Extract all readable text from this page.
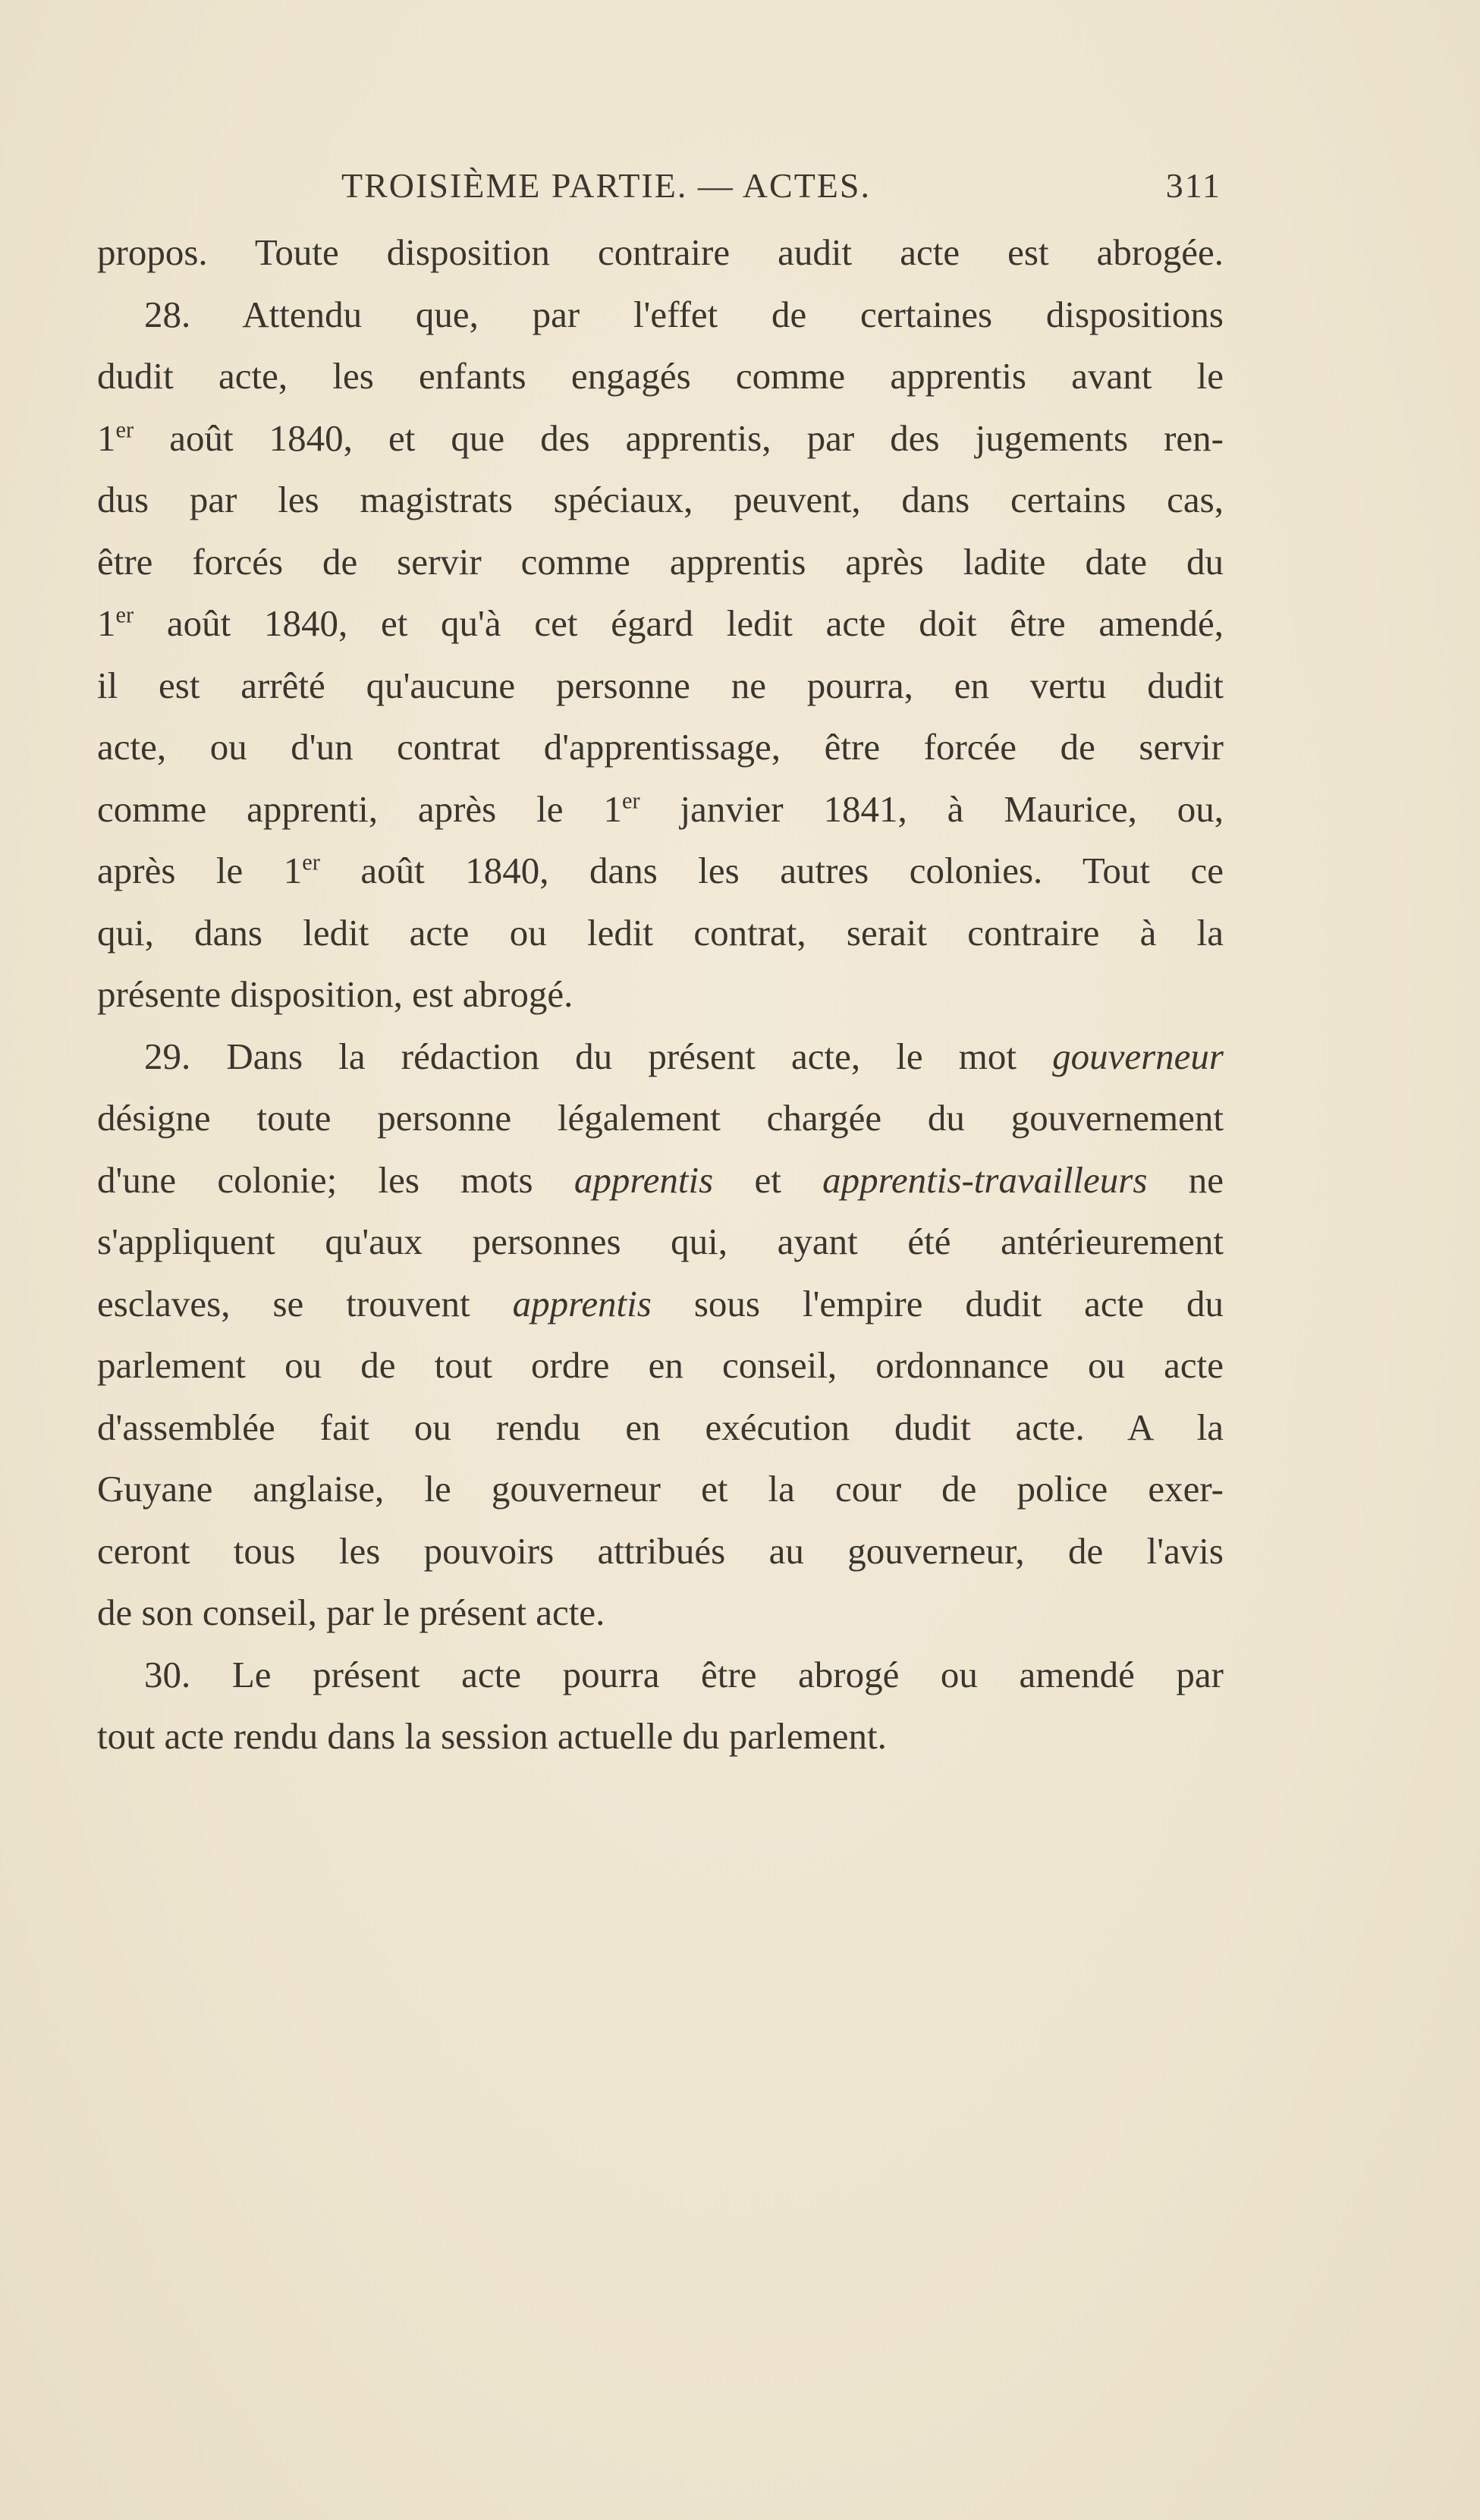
TROISIÈME PARTIE. — ACTES.	311
propos. Toute disposition contraire audit acte est abrogée.
28. Attendu que, par l'effet de certaines dispositions
dudit acte, les enfants engagés comme apprentis avant le
1er août 1840, et que des apprentis, par des jugements ren-
dus par les magistrats spéciaux, peuvent, dans certains cas,
être forcés de servir comme apprentis après ladite date du
1er août 1840, et qu'à cet égard ledit acte doit être amendé,
il est arrêté qu'aucune personne ne pourra, en vertu dudit
acte, ou d'un contrat d'apprentissage, être forcée de servir
comme apprenti, après le 1er janvier 1841, à Maurice, ou,
après le 1er août 1840, dans les autres colonies. Tout ce
qui, dans ledit acte ou ledit contrat, serait contraire à la
présente disposition, est abrogé.
29. Dans la rédaction du présent acte, le mot gouverneur
désigne toute personne légalement chargée du gouvernement
d'une colonie; les mots apprentis et apprentis-travailleurs ne
s'appliquent qu'aux personnes qui, ayant été antérieurement
esclaves, se trouvent apprentis sous l'empire dudit acte du
parlement ou de tout ordre en conseil, ordonnance ou acte
d'assemblée fait ou rendu en exécution dudit acte. A la
Guyane anglaise, le gouverneur et la cour de police exer-
ceront tous les pouvoirs attribués au gouverneur, de l'avis
de son conseil, par le présent acte.
30. Le présent acte pourra être abrogé ou amendé par
tout acte rendu dans la session actuelle du parlement.
